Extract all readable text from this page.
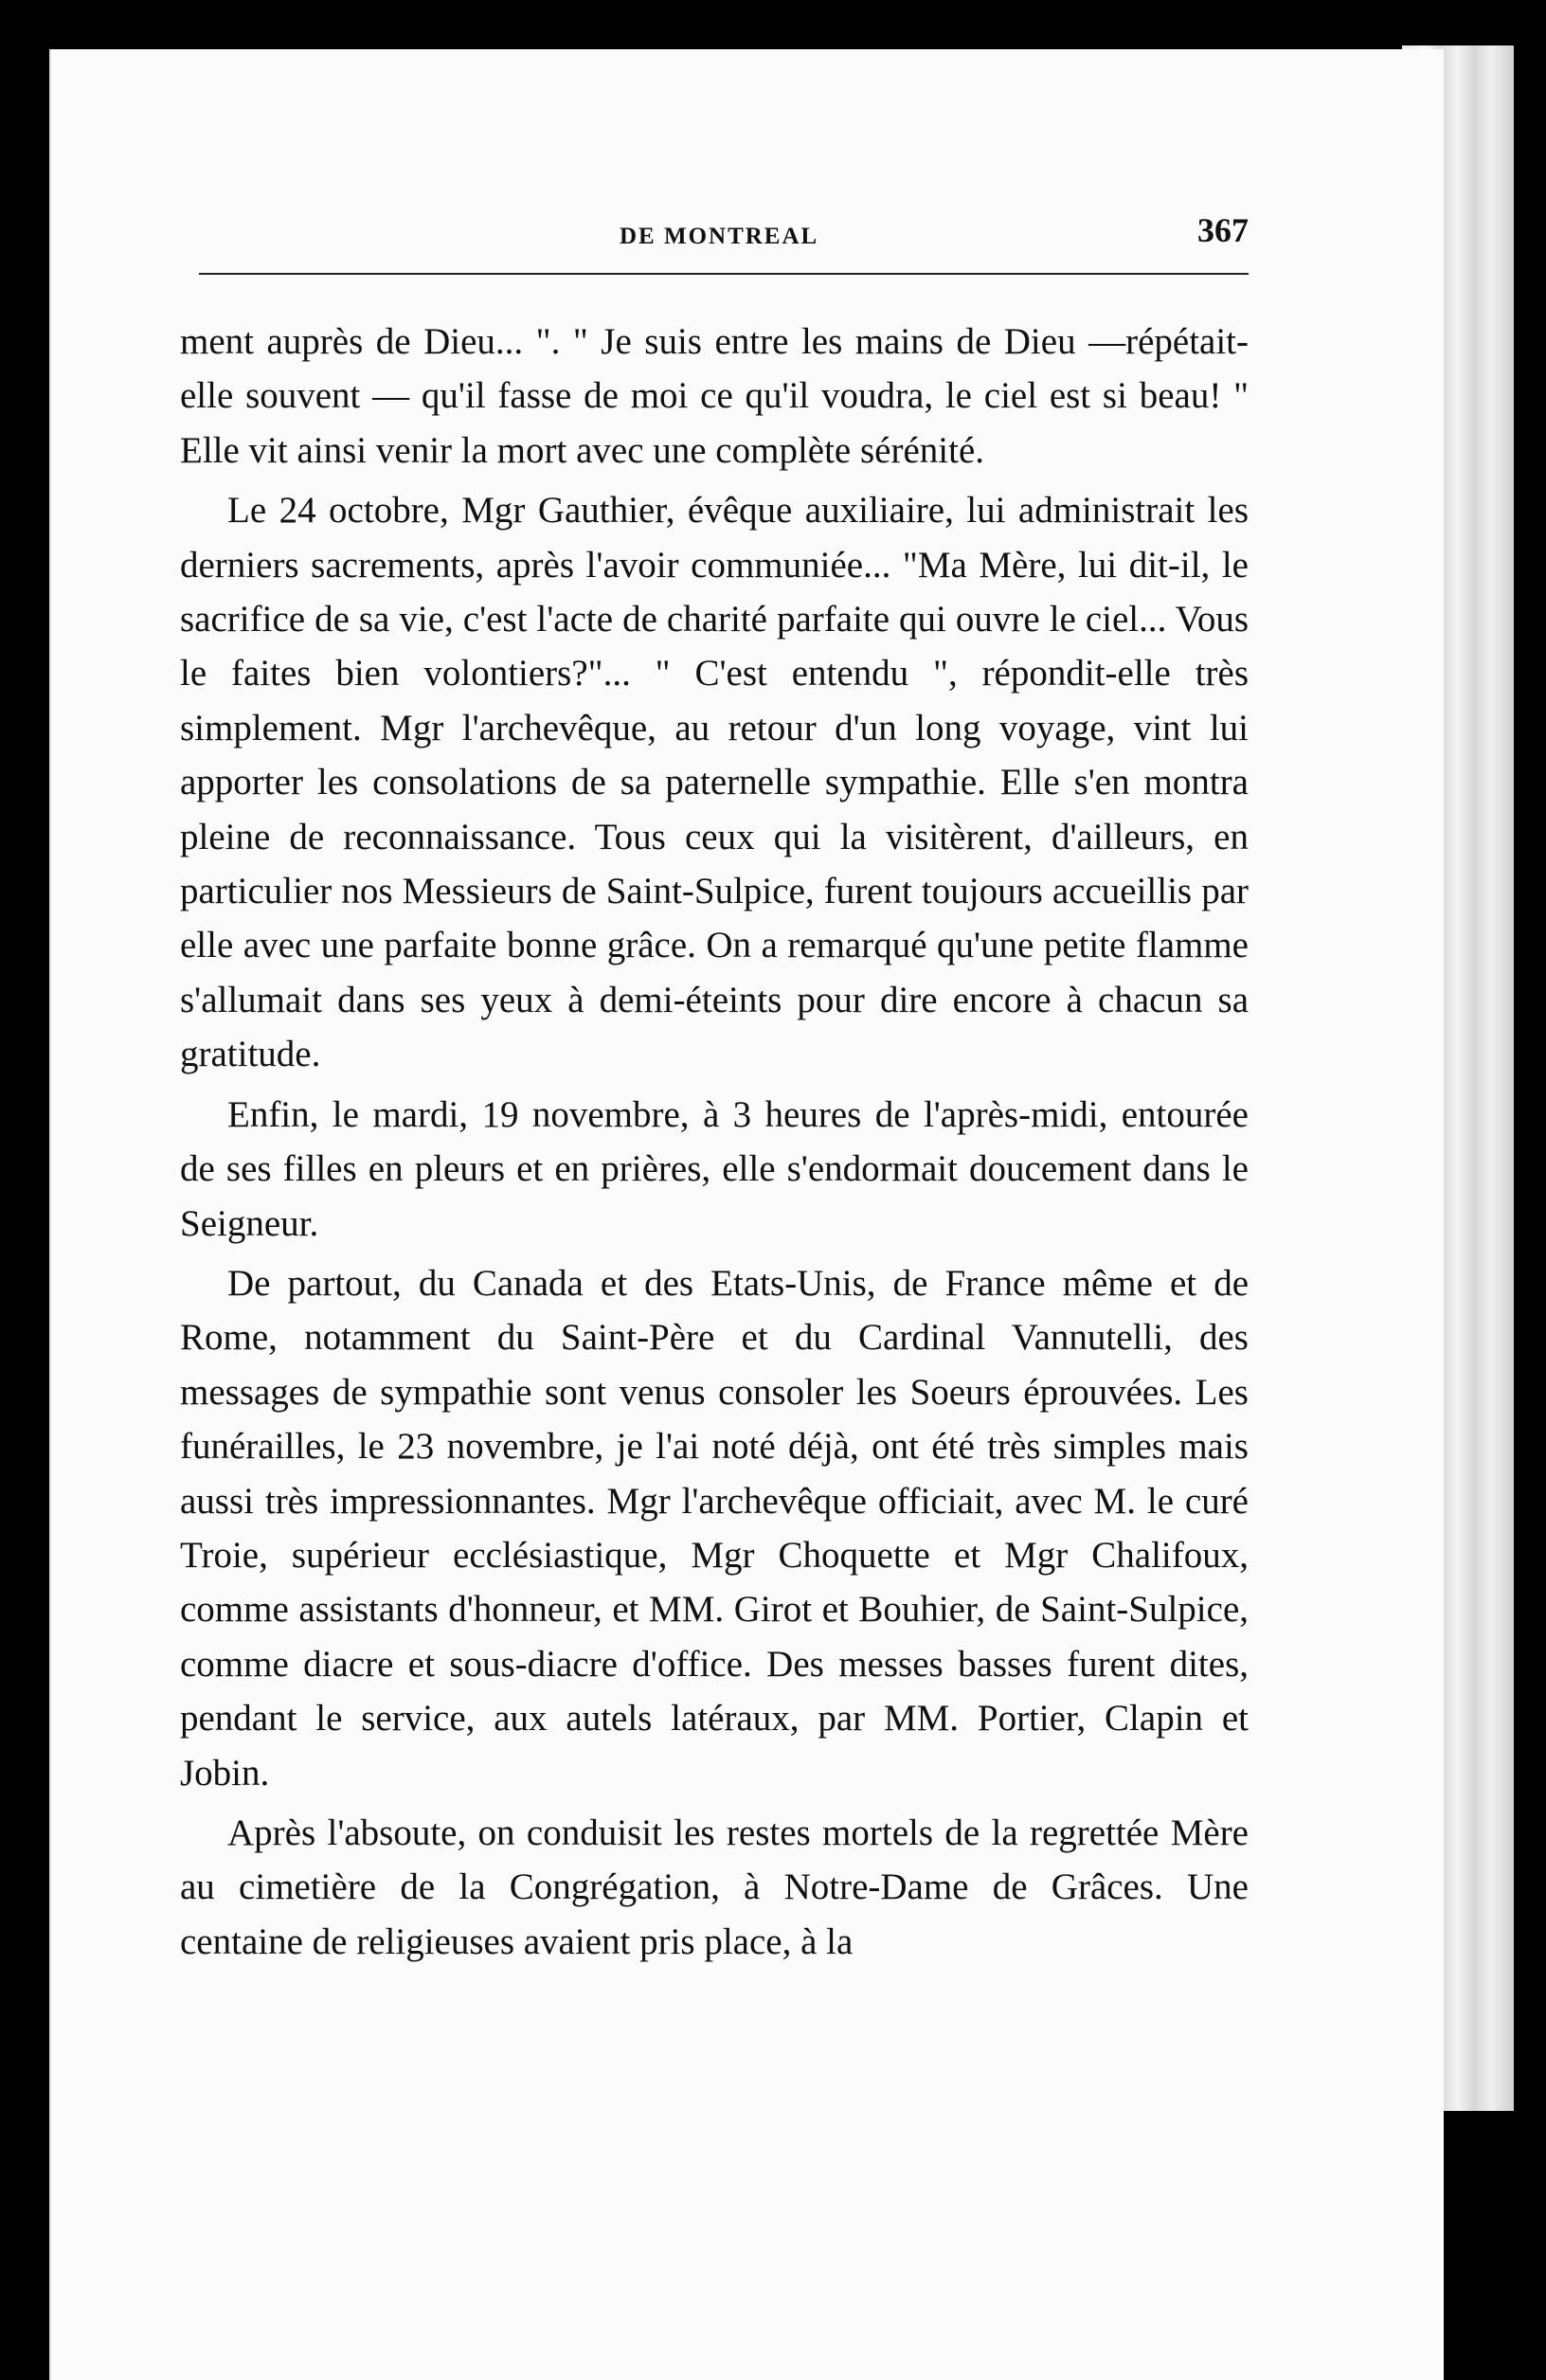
DE MONTREAL	367

ment auprès de Dieu... ". " Je suis entre les mains de Dieu —répétait-elle souvent — qu'il fasse de moi ce qu'il voudra, le ciel est si beau! " Elle vit ainsi venir la mort avec une complète sérénité.

Le 24 octobre, Mgr Gauthier, évêque auxiliaire, lui administrait les derniers sacrements, après l'avoir communiée... "Ma Mère, lui dit-il, le sacrifice de sa vie, c'est l'acte de charité parfaite qui ouvre le ciel... Vous le faites bien volontiers?"... " C'est entendu ", répondit-elle très simplement. Mgr l'archevêque, au retour d'un long voyage, vint lui apporter les consolations de sa paternelle sympathie. Elle s'en montra pleine de reconnaissance. Tous ceux qui la visitèrent, d'ailleurs, en particulier nos Messieurs de Saint-Sulpice, furent toujours accueillis par elle avec une parfaite bonne grâce. On a remarqué qu'une petite flamme s'allumait dans ses yeux à demi-éteints pour dire encore à chacun sa gratitude.

Enfin, le mardi, 19 novembre, à 3 heures de l'après-midi, entourée de ses filles en pleurs et en prières, elle s'endormait doucement dans le Seigneur.

De partout, du Canada et des Etats-Unis, de France même et de Rome, notamment du Saint-Père et du Cardinal Vannutelli, des messages de sympathie sont venus consoler les Soeurs éprouvées. Les funérailles, le 23 novembre, je l'ai noté déjà, ont été très simples mais aussi très impressionnantes. Mgr l'archevêque officiait, avec M. le curé Troie, supérieur ecclésiastique, Mgr Choquette et Mgr Chalifoux, comme assistants d'honneur, et MM. Girot et Bouhier, de Saint-Sulpice, comme diacre et sous-diacre d'office. Des messes basses furent dites, pendant le service, aux autels latéraux, par MM. Portier, Clapin et Jobin.

Après l'absoute, on conduisit les restes mortels de la regrettée Mère au cimetière de la Congrégation, à Notre-Dame de Grâces. Une centaine de religieuses avaient pris place, à la
